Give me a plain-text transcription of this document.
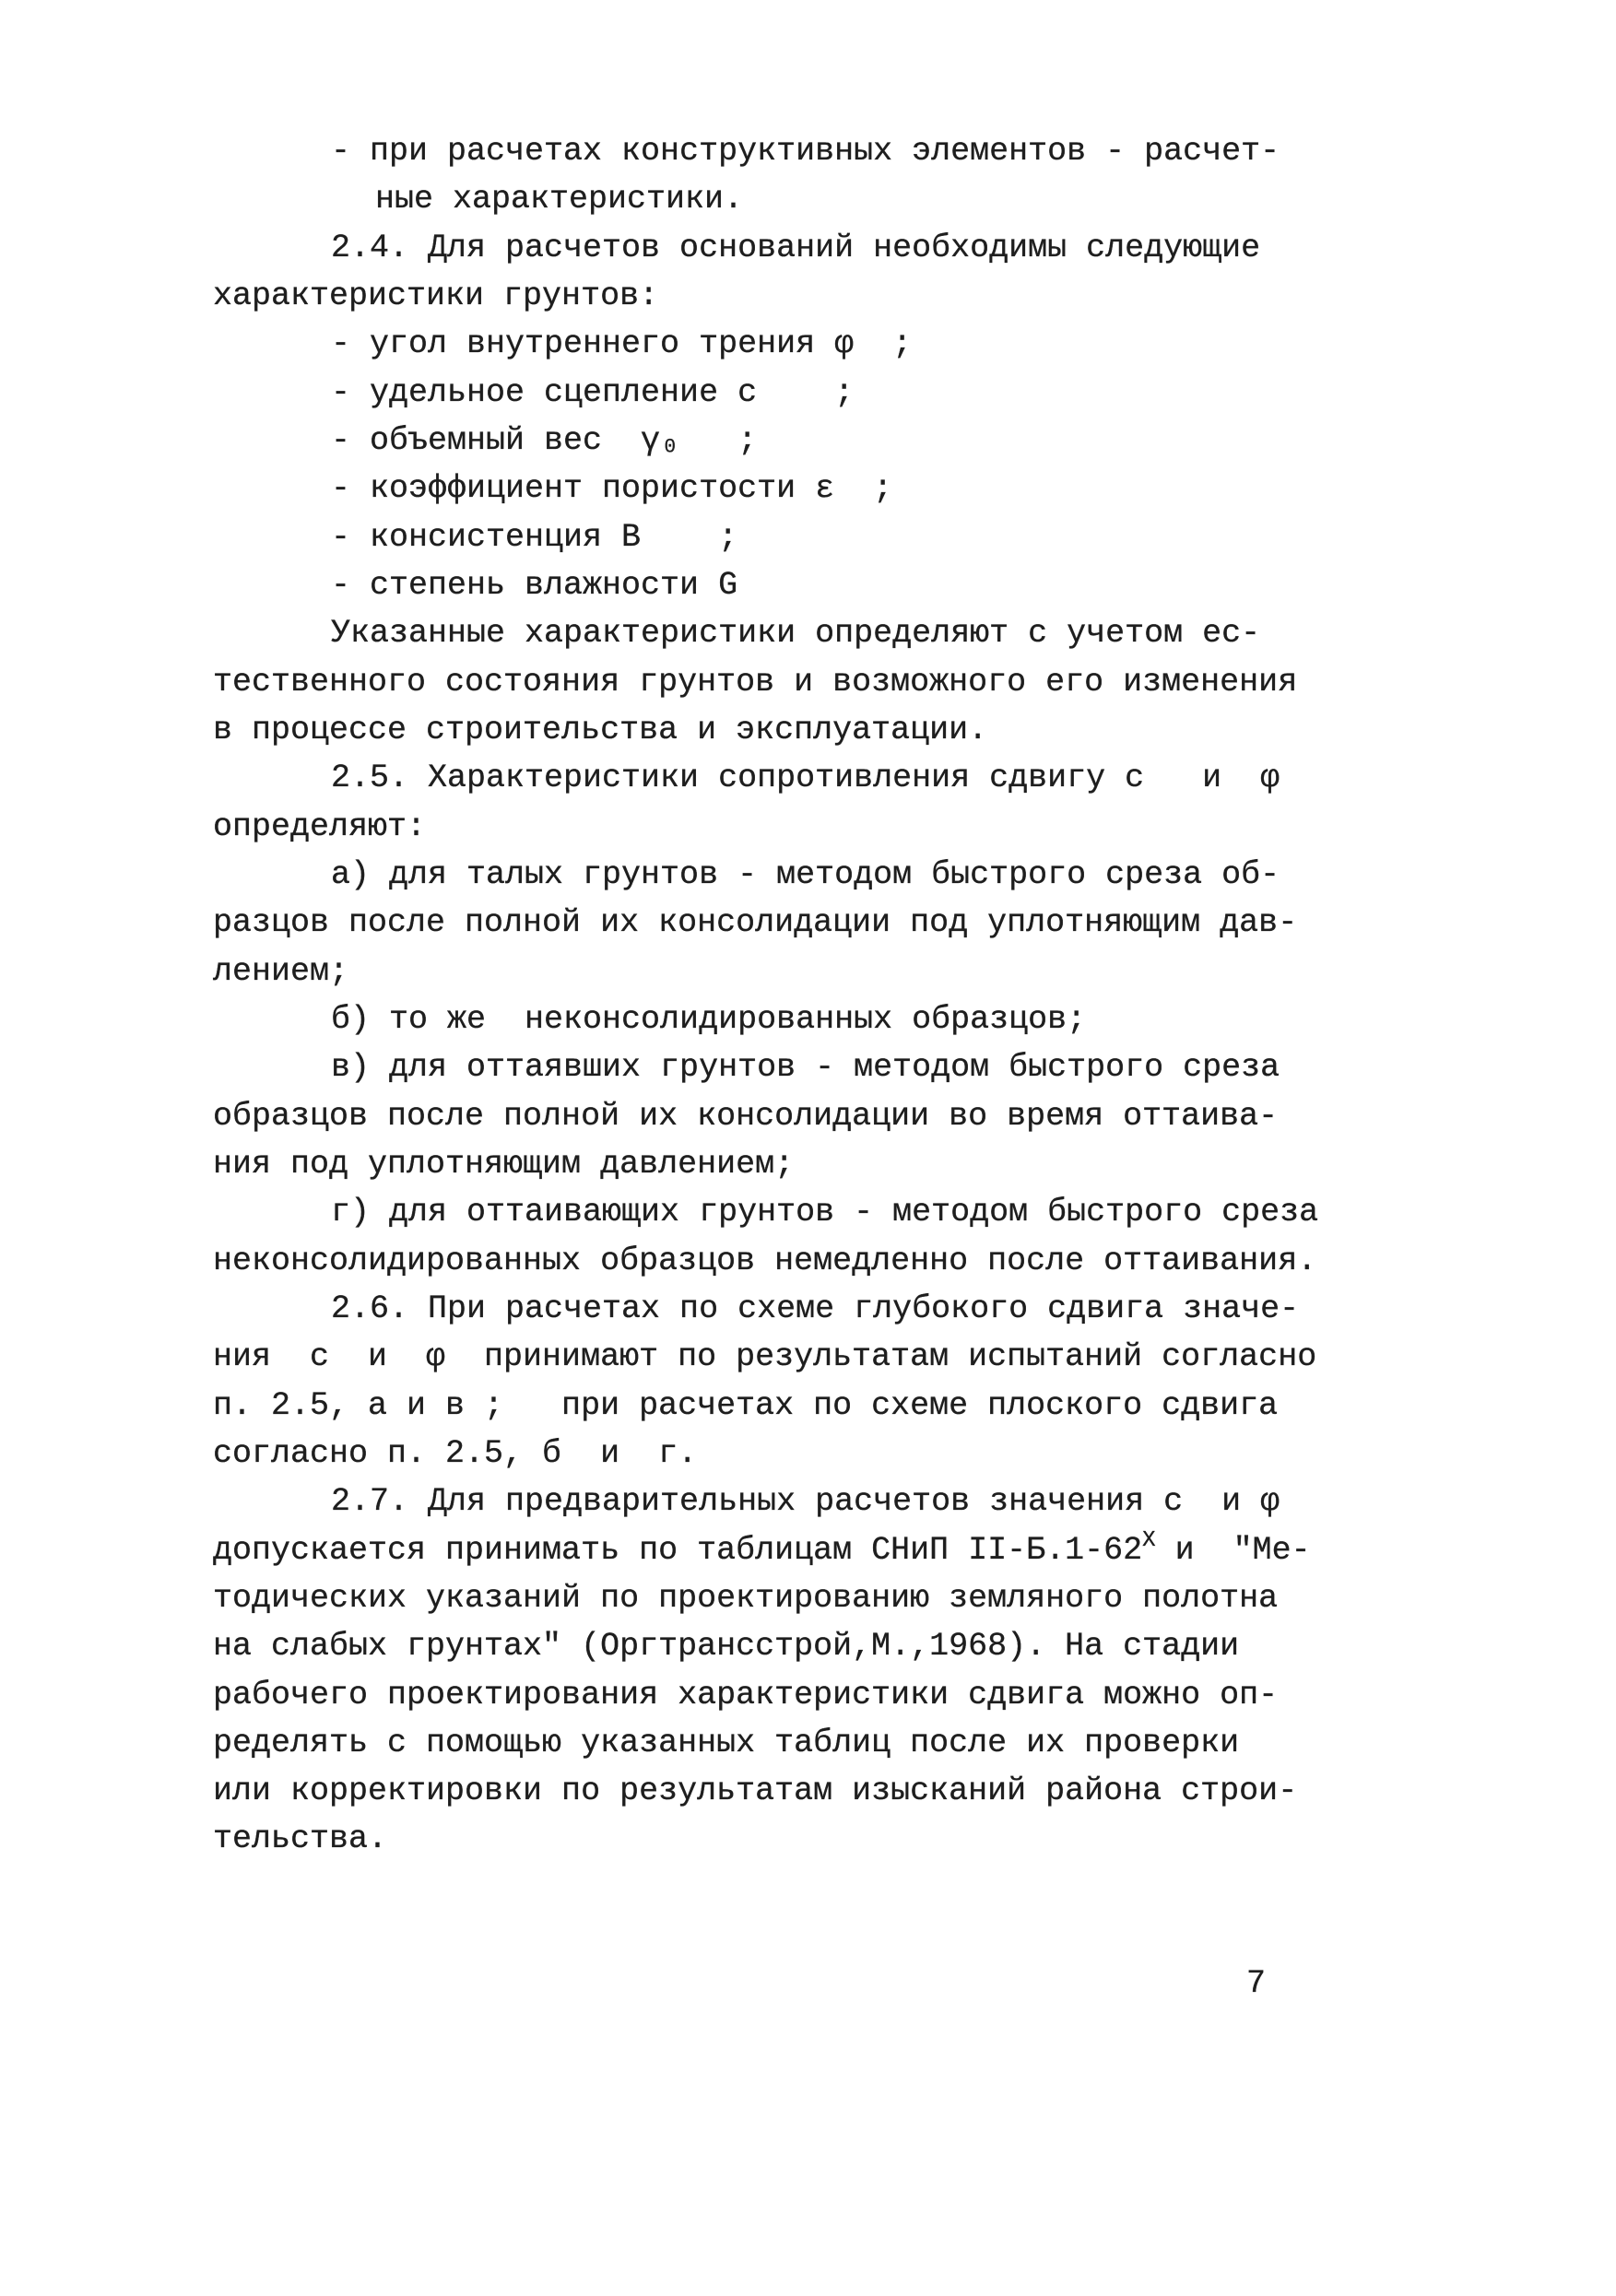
- при расчетах конструктивных элементов - расчет-
ные характеристики.
2.4. Для расчетов оснований необходимы следующие
характеристики грунтов:
- угол внутреннего трения φ  ;
- удельное сцепление c    ;
- объемный вес  γ₀   ;
- коэффициент пористости ε  ;
- консистенция B    ;
- степень влажности G
Указанные характеристики определяют с учетом ес-
тественного состояния грунтов и возможного его изменения
в процессе строительства и эксплуатации.
2.5. Характеристики сопротивления сдвигу c   и  φ
определяют:
а) для талых грунтов - методом быстрого среза об-
разцов после полной их консолидации под уплотняющим дав-
лением;
б) то же  неконсолидированных образцов;
в) для оттаявших грунтов - методом быстрого среза
образцов после полной их консолидации во время оттаива-
ния под уплотняющим давлением;
г) для оттаивающих грунтов - методом быстрого среза
неконсолидированных образцов немедленно после оттаивания.
2.6. При расчетах по схеме глубокого сдвига значе-
ния  c  и  φ  принимают по результатам испытаний согласно
п. 2.5, а и в ;   при расчетах по схеме плоского сдвига
согласно п. 2.5, б  и  г.
2.7. Для предварительных расчетов значения c  и φ
допускается принимать по таблицам СНиП $II-Б.1-62^X$ и  "Ме-
тодических указаний по проектированию земляного полотна
на слабых грунтах" (Оргтрансстрой,М.,1968). На стадии
рабочего проектирования характеристики сдвига можно оп-
ределять с помощью указанных таблиц после их проверки
или корректировки по результатам изысканий района строи-
тельства.
7
